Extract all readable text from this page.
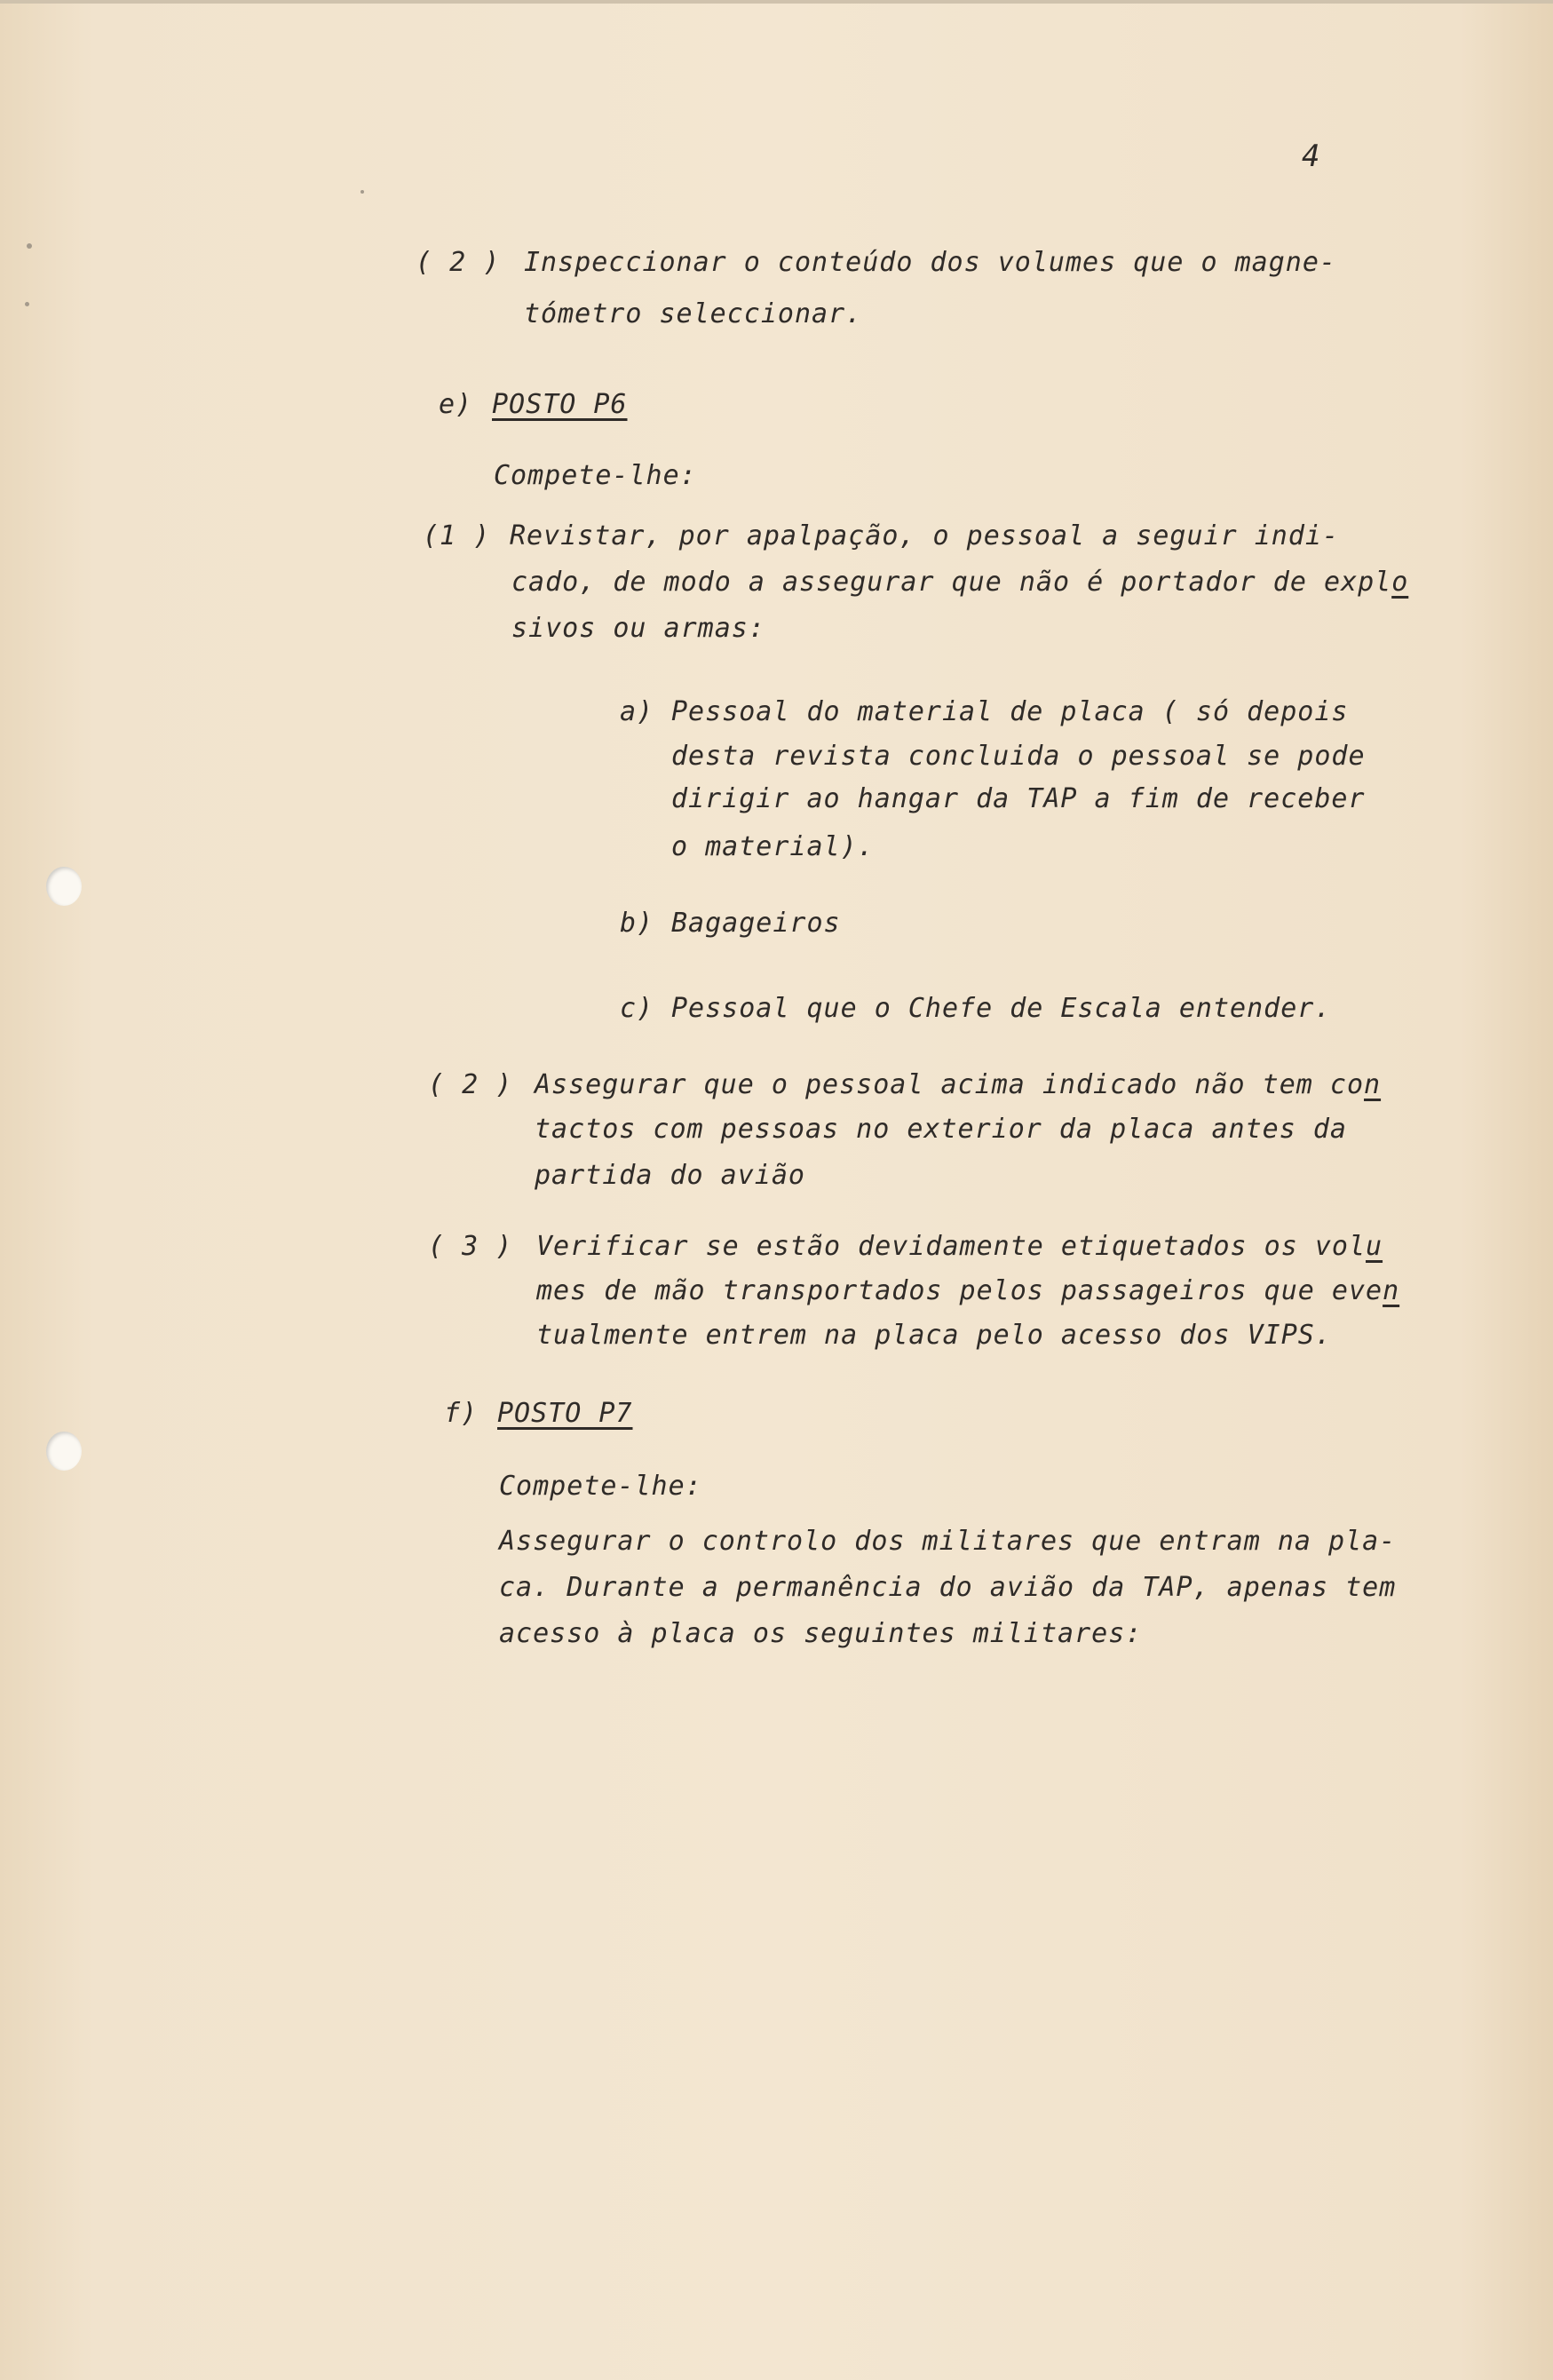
4

( 2 ) Inspeccionar o conteúdo dos volumes que o magne-

tómetro seleccionar.

e) POSTO P6

Compete-lhe:

(1 ) Revistar, por apalpação, o pessoal a seguir indi-

cado, de modo a assegurar que não é portador de explo

sivos ou armas:

a) Pessoal do material de placa ( só depois

desta revista concluida o pessoal se pode

dirigir ao hangar da TAP a fim de receber

o material).

b) Bagageiros

c) Pessoal que o Chefe de Escala entender.

( 2 ) Assegurar que o pessoal acima indicado não tem con

tactos com pessoas no exterior da placa antes da

partida do avião

( 3 ) Verificar se estão devidamente etiquetados os volu

mes de mão transportados pelos passageiros que even

tualmente entrem na placa pelo acesso dos VIPS.

f) POSTO P7

Compete-lhe:

Assegurar o controlo dos militares que entram na pla-

ca. Durante a permanência do avião da TAP, apenas tem

acesso à placa os seguintes militares:
